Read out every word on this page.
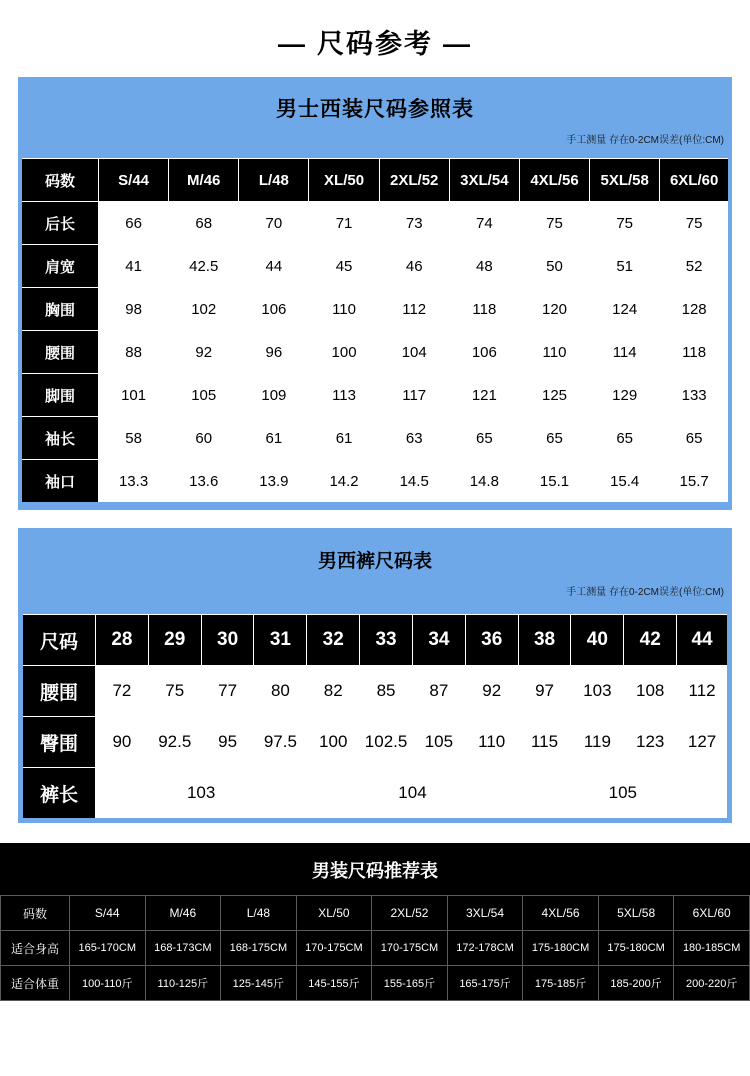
— 尺码参考 —
男士西装尺码参照表
手工测量 存在0-2CM误差(单位:CM)
码数	S/44	M/46	L/48	XL/50	2XL/52	3XL/54	4XL/56	5XL/58	6XL/60
后长	66	68	70	71	73	74	75	75	75
肩宽	41	42.5	44	45	46	48	50	51	52
胸围	98	102	106	110	112	118	120	124	128
腰围	88	92	96	100	104	106	110	114	118
脚围	101	105	109	113	117	121	125	129	133
袖长	58	60	61	61	63	65	65	65	65
袖口	13.3	13.6	13.9	14.2	14.5	14.8	15.1	15.4	15.7
男西裤尺码表
手工测量 存在0-2CM误差(单位:CM)
尺码	28	29	30	31	32	33	34	36	38	40	42	44
腰围	72	75	77	80	82	85	87	92	97	103	108	112
臀围	90	92.5	95	97.5	100	102.5	105	110	115	119	123	127
裤长	103				104				105			
男装尺码推荐表
码数	S/44	M/46	L/48	XL/50	2XL/52	3XL/54	4XL/56	5XL/58	6XL/60
适合身高	165-170CM	168-173CM	168-175CM	170-175CM	170-175CM	172-178CM	175-180CM	175-180CM	180-185CM
适合体重	100-110斤	110-125斤	125-145斤	145-155斤	155-165斤	165-175斤	175-185斤	185-200斤	200-220斤
